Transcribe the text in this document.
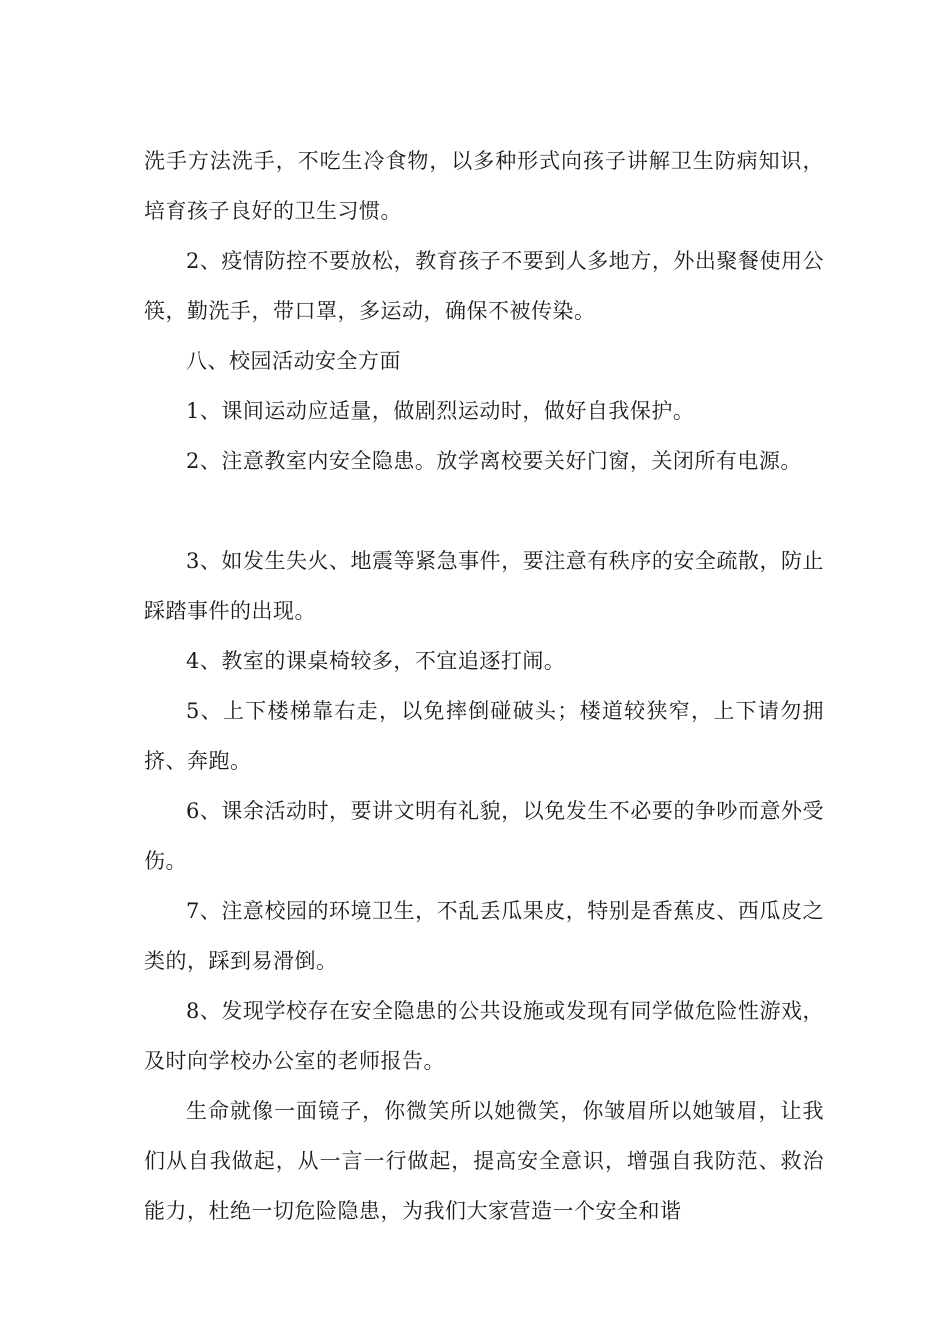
洗手方法洗手，不吃生冷食物，以多种形式向孩子讲解卫生防病知识，培育孩子良好的卫生习惯。

2、疫情防控不要放松，教育孩子不要到人多地方，外出聚餐使用公筷，勤洗手，带口罩，多运动，确保不被传染。

八、校园活动安全方面

1、课间运动应适量，做剧烈运动时，做好自我保护。

2、注意教室内安全隐患。放学离校要关好门窗，关闭所有电源。

3、如发生失火、地震等紧急事件，要注意有秩序的安全疏散，防止踩踏事件的出现。

4、教室的课桌椅较多，不宜追逐打闹。

5、上下楼梯靠右走，以免摔倒碰破头；楼道较狭窄，上下请勿拥挤、奔跑。

6、课余活动时，要讲文明有礼貌，以免发生不必要的争吵而意外受伤。

7、注意校园的环境卫生，不乱丢瓜果皮，特别是香蕉皮、西瓜皮之类的，踩到易滑倒。

8、发现学校存在安全隐患的公共设施或发现有同学做危险性游戏，及时向学校办公室的老师报告。

生命就像一面镜子，你微笑所以她微笑，你皱眉所以她皱眉，让我们从自我做起，从一言一行做起，提高安全意识，增强自我防范、救治能力，杜绝一切危险隐患，为我们大家营造一个安全和谐
